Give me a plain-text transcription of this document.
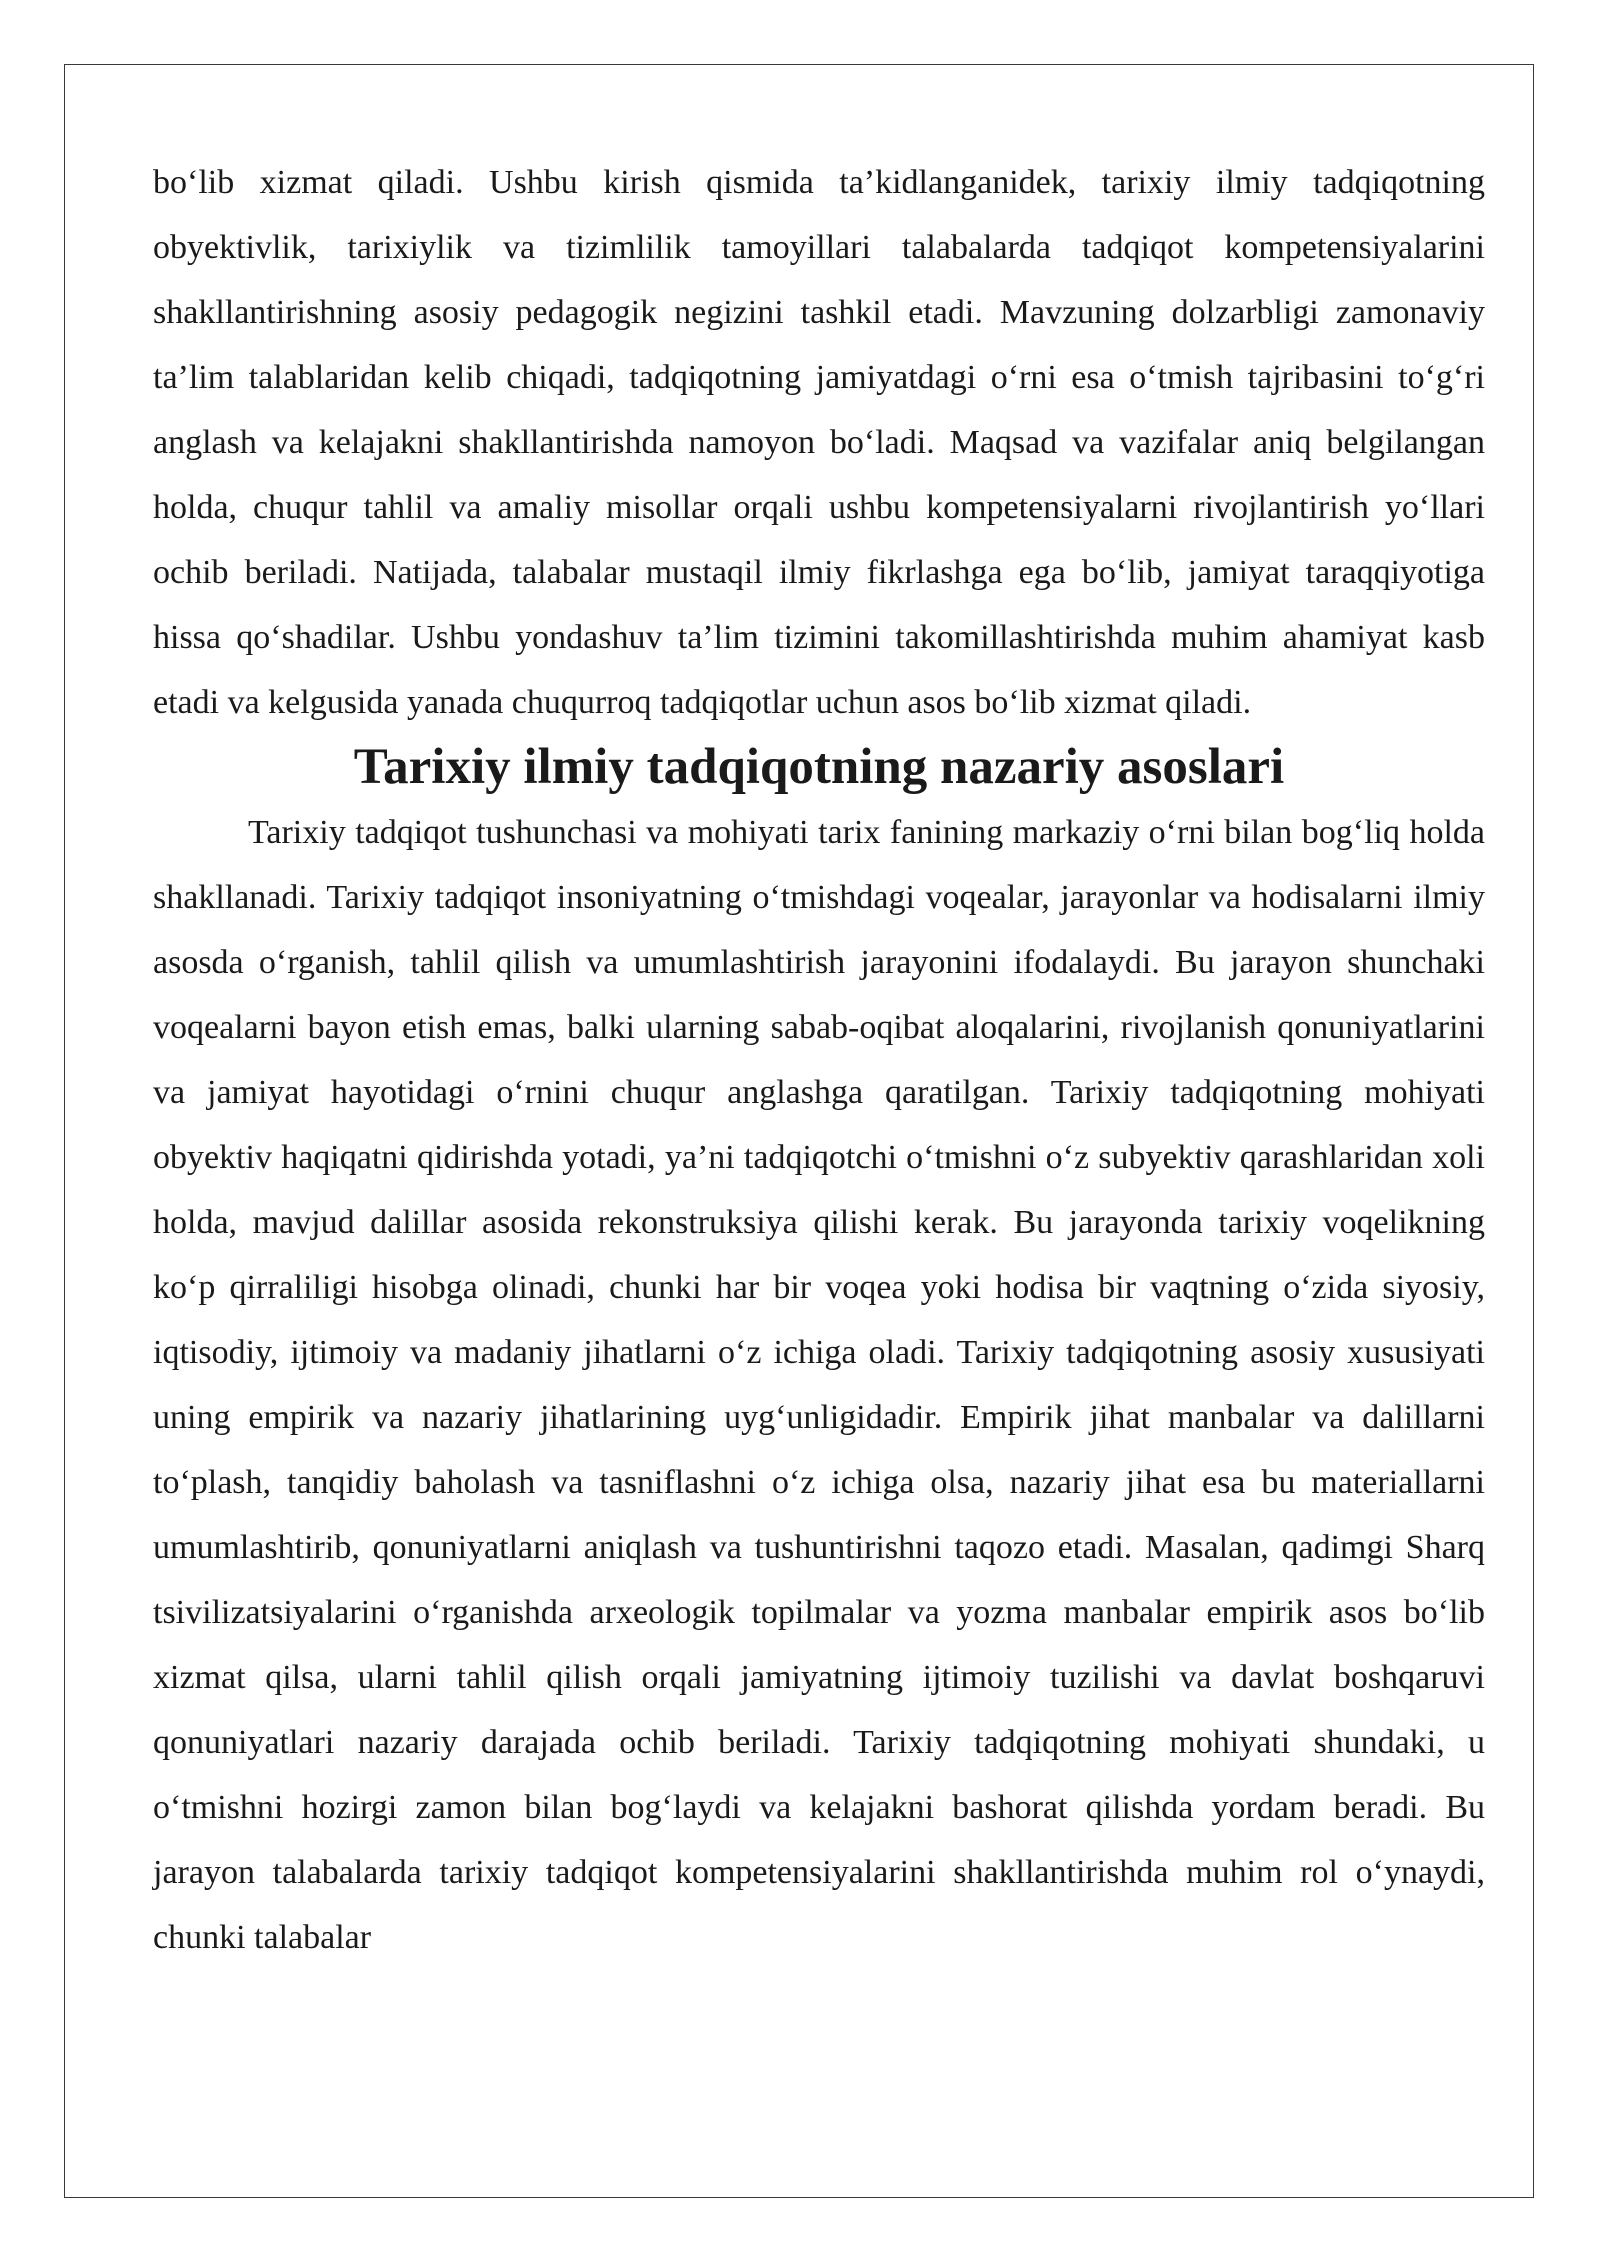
bo‘lib xizmat qiladi. Ushbu kirish qismida ta’kidlanganidek, tarixiy ilmiy tadqiqotning obyektivlik, tarixiylik va tizimlilik tamoyillari talabalarda tadqiqot kompetensiyalarini shakllantirishning asosiy pedagogik negizini tashkil etadi. Mavzuning dolzarbligi zamonaviy ta’lim talablaridan kelib chiqadi, tadqiqotning jamiyatdagi o‘rni esa o‘tmish tajribasini to‘g‘ri anglash va kelajakni shakllantirishda namoyon bo‘ladi. Maqsad va vazifalar aniq belgilangan holda, chuqur tahlil va amaliy misollar orqali ushbu kompetensiyalarni rivojlantirish yo‘llari ochib beriladi. Natijada, talabalar mustaqil ilmiy fikrlashga ega bo‘lib, jamiyat taraqqiyotiga hissa qo‘shadilar. Ushbu yondashuv ta’lim tizimini takomillashtirishda muhim ahamiyat kasb etadi va kelgusida yanada chuqurroq tadqiqotlar uchun asos bo‘lib xizmat qiladi.

Tarixiy ilmiy tadqiqotning nazariy asoslari

Tarixiy tadqiqot tushunchasi va mohiyati tarix fanining markaziy o‘rni bilan bog‘liq holda shakllanadi. Tarixiy tadqiqot insoniyatning o‘tmishdagi voqealar, jarayonlar va hodisalarni ilmiy asosda o‘rganish, tahlil qilish va umumlashtirish jarayonini ifodalaydi. Bu jarayon shunchaki voqealarni bayon etish emas, balki ularning sabab-oqibat aloqalarini, rivojlanish qonuniyatlarini va jamiyat hayotidagi o‘rnini chuqur anglashga qaratilgan. Tarixiy tadqiqotning mohiyati obyektiv haqiqatni qidirishda yotadi, ya’ni tadqiqotchi o‘tmishni o‘z subyektiv qarashlaridan xoli holda, mavjud dalillar asosida rekonstruksiya qilishi kerak. Bu jarayonda tarixiy voqelikning ko‘p qirraliligi hisobga olinadi, chunki har bir voqea yoki hodisa bir vaqtning o‘zida siyosiy, iqtisodiy, ijtimoiy va madaniy jihatlarni o‘z ichiga oladi. Tarixiy tadqiqotning asosiy xususiyati uning empirik va nazariy jihatlarining uyg‘unligidadir. Empirik jihat manbalar va dalillarni to‘plash, tanqidiy baholash va tasniflashni o‘z ichiga olsa, nazariy jihat esa bu materiallarni umumlashtirib, qonuniyatlarni aniqlash va tushuntirishni taqozo etadi. Masalan, qadimgi Sharq tsivilizatsiyalarini o‘rganishda arxeologik topilmalar va yozma manbalar empirik asos bo‘lib xizmat qilsa, ularni tahlil qilish orqali jamiyatning ijtimoiy tuzilishi va davlat boshqaruvi qonuniyatlari nazariy darajada ochib beriladi. Tarixiy tadqiqotning mohiyati shundaki, u o‘tmishni hozirgi zamon bilan bog‘laydi va kelajakni bashorat qilishda yordam beradi. Bu jarayon talabalarda tarixiy tadqiqot kompetensiyalarini shakllantirishda muhim rol o‘ynaydi, chunki talabalar
